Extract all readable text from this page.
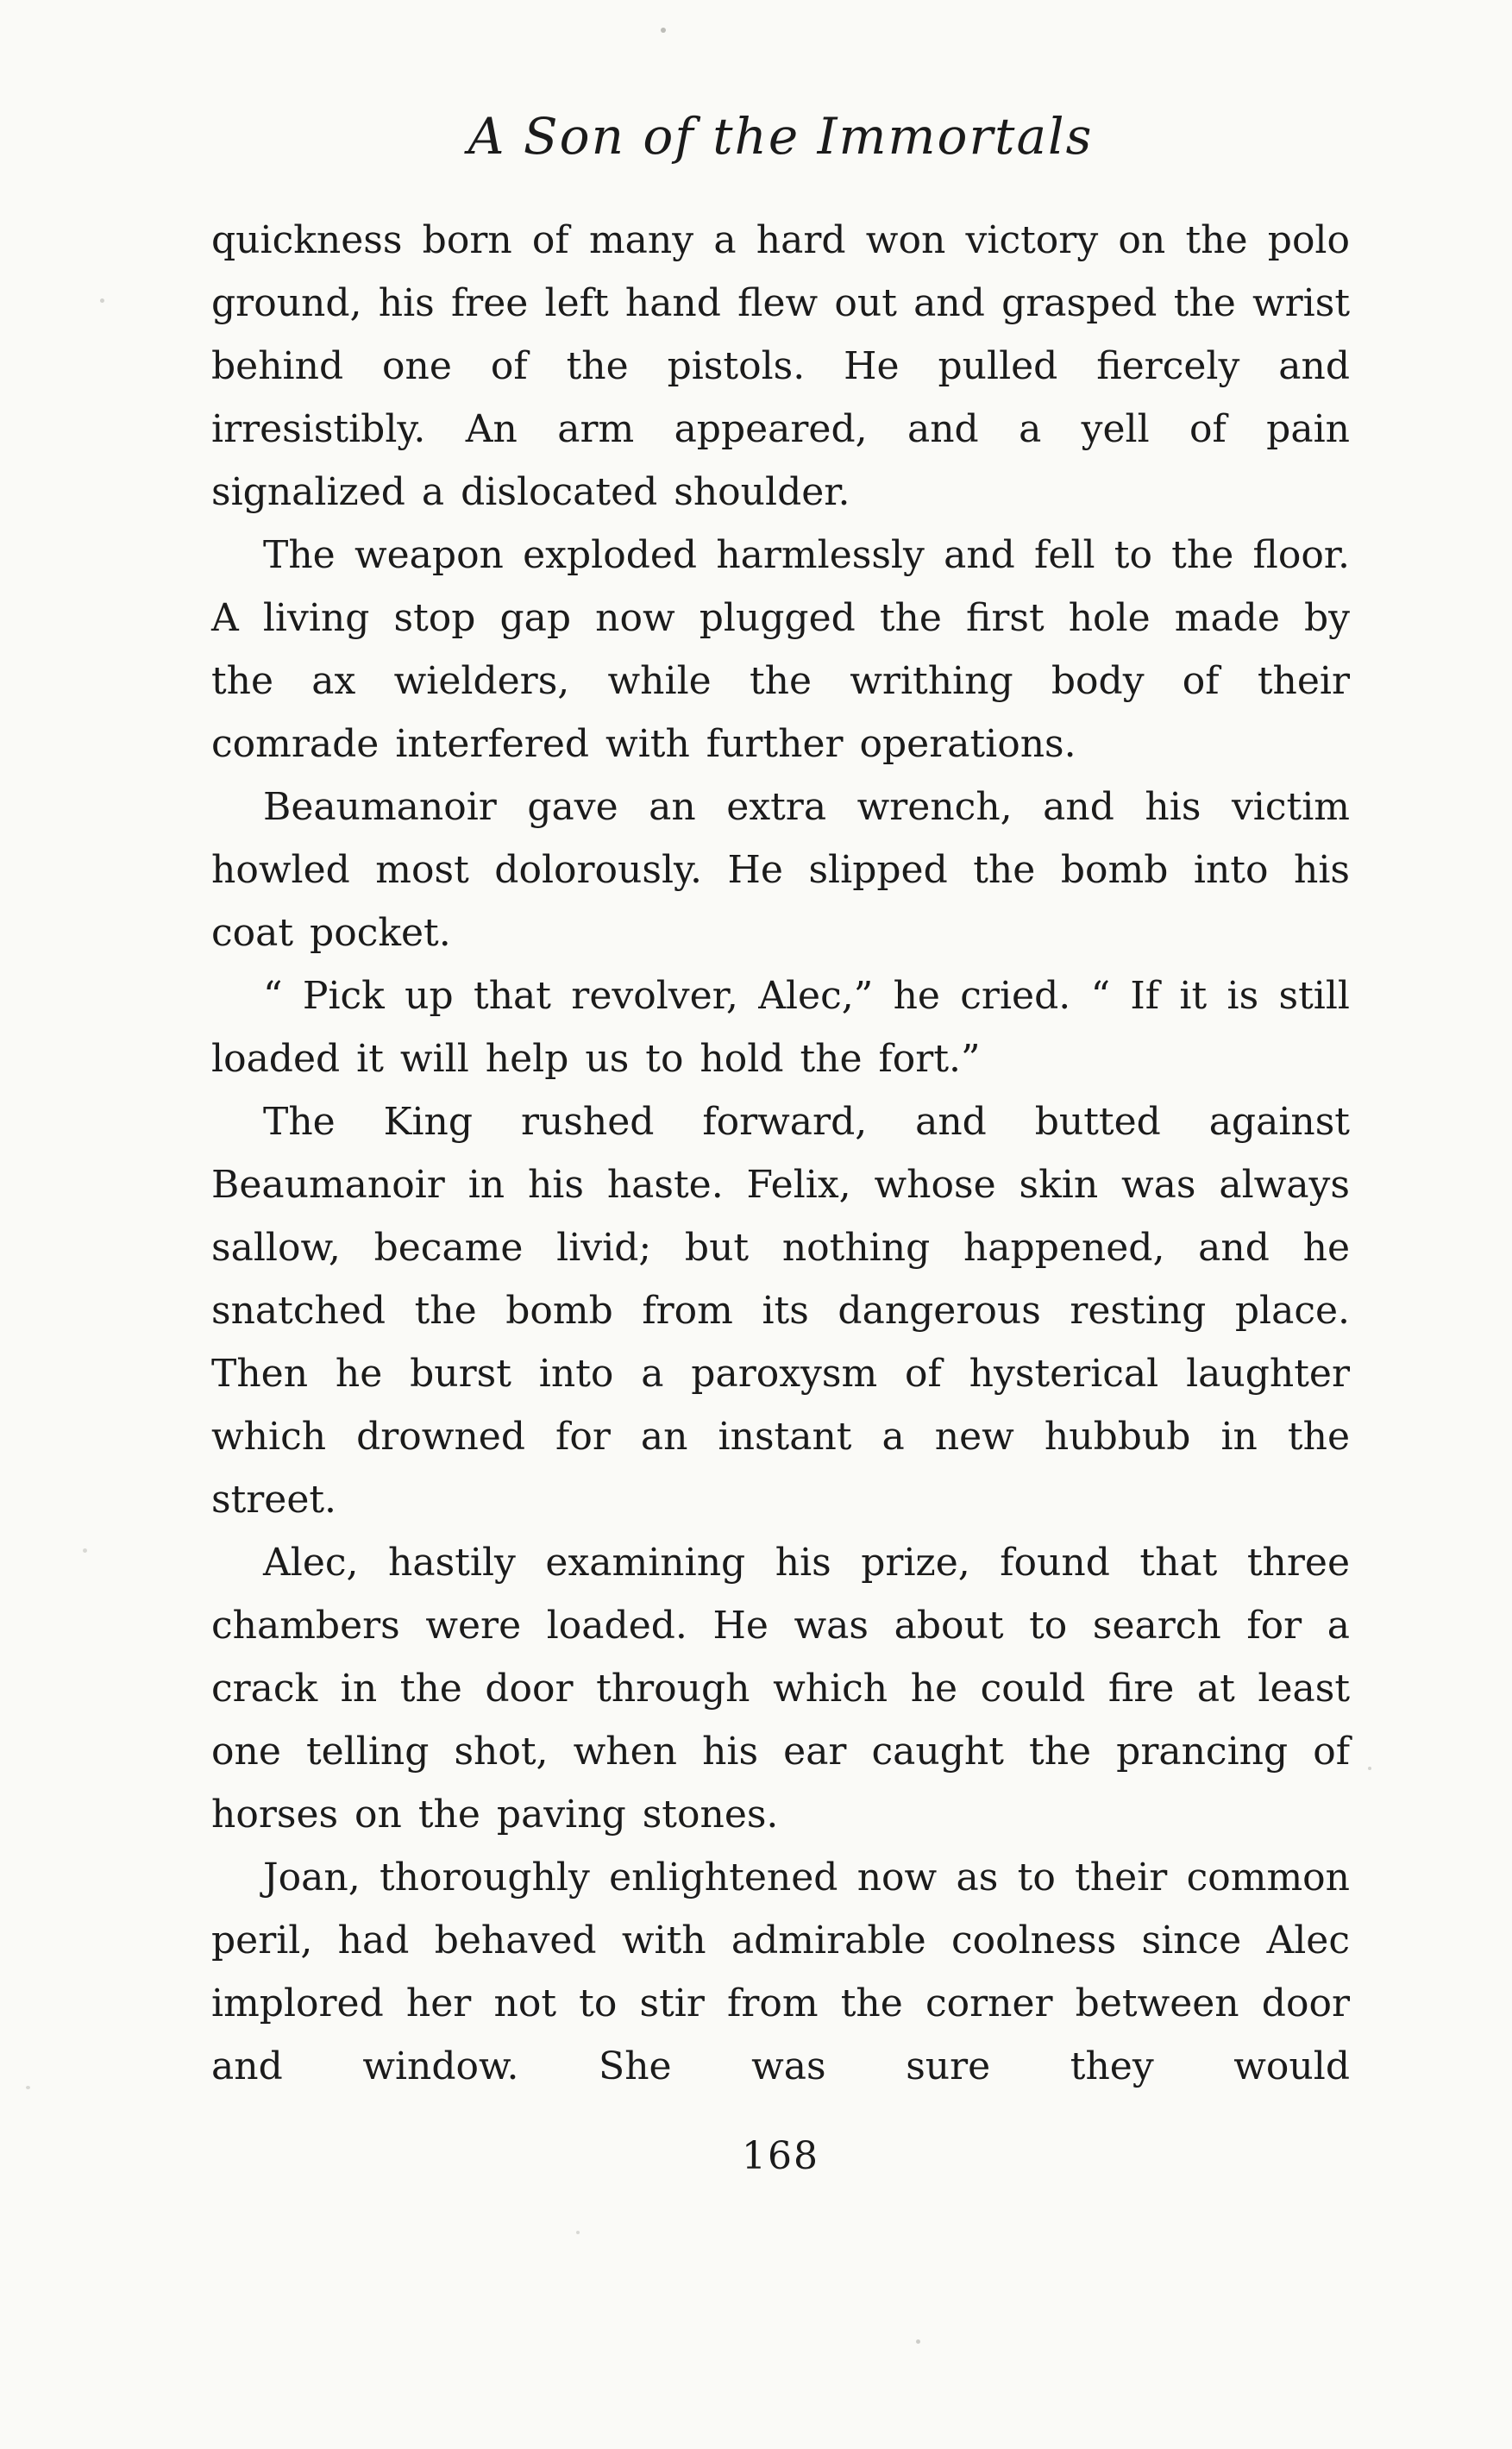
A Son of the Immortals

quickness born of many a hard won victory on the polo ground, his free left hand flew out and grasped the wrist behind one of the pistols. He pulled fiercely and irresistibly. An arm appeared, and a yell of pain signalized a dislocated shoulder.

The weapon exploded harmlessly and fell to the floor. A living stop gap now plugged the first hole made by the ax wielders, while the writhing body of their comrade interfered with further operations.

Beaumanoir gave an extra wrench, and his victim howled most dolorously. He slipped the bomb into his coat pocket.

“ Pick up that revolver, Alec,” he cried. “ If it is still loaded it will help us to hold the fort.”

The King rushed forward, and butted against Beaumanoir in his haste. Felix, whose skin was always sallow, became livid; but nothing happened, and he snatched the bomb from its dangerous resting place. Then he burst into a paroxysm of hysterical laughter which drowned for an instant a new hubbub in the street.

Alec, hastily examining his prize, found that three chambers were loaded. He was about to search for a crack in the door through which he could fire at least one telling shot, when his ear caught the prancing of horses on the paving stones.

Joan, thoroughly enlightened now as to their common peril, had behaved with admirable coolness since Alec implored her not to stir from the corner between door and window. She was sure they would

168
